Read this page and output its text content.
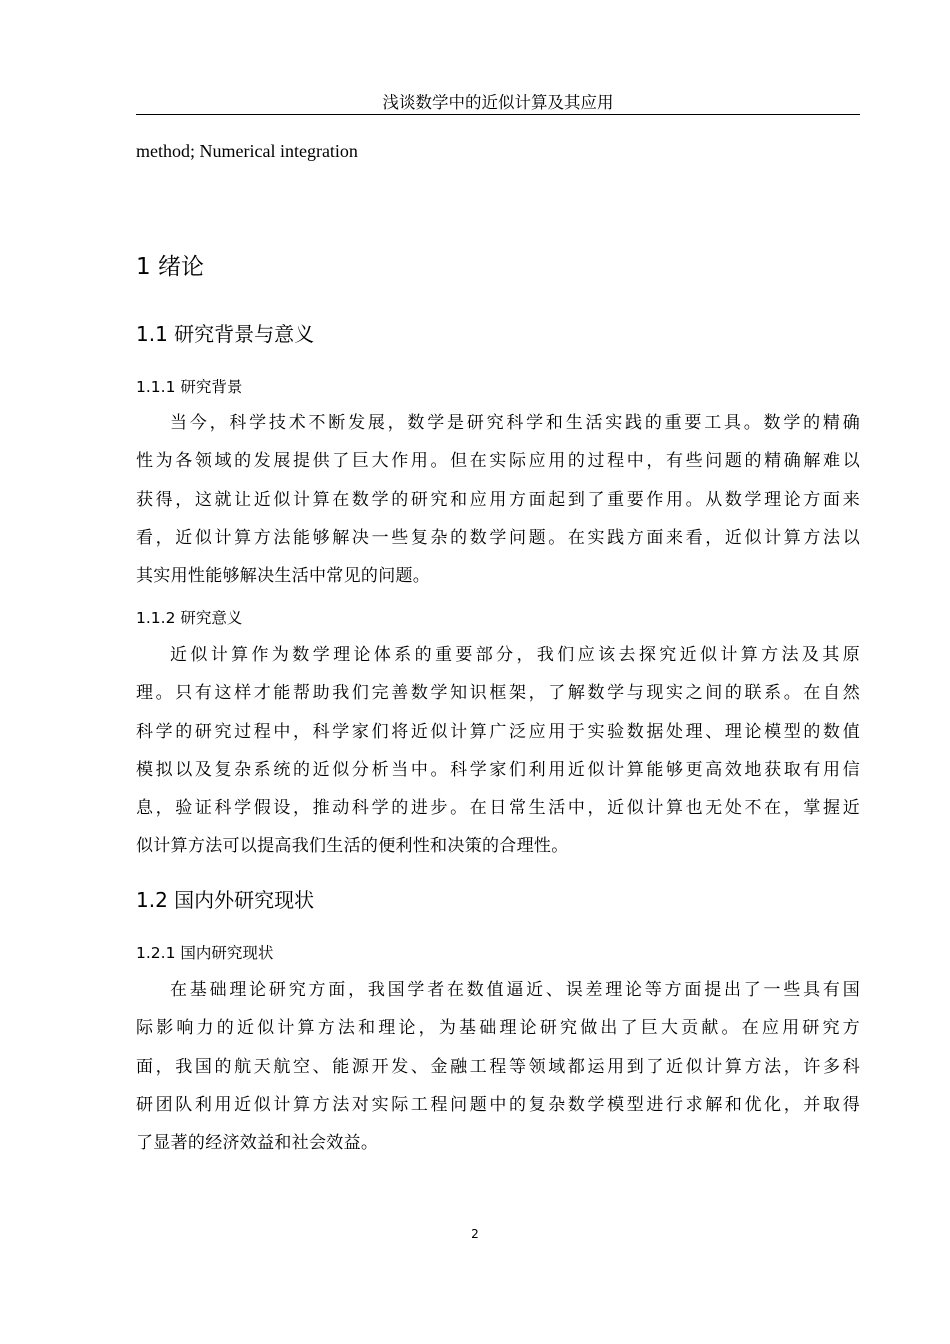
浅谈数学中的近似计算及其应用
method; Numerical integration
1 绪论
1.1 研究背景与意义
1.1.1 研究背景
当今，科学技术不断发展，数学是研究科学和生活实践的重要工具。数学的精确
性为各领域的发展提供了巨大作用。但在实际应用的过程中，有些问题的精确解难以
获得，这就让近似计算在数学的研究和应用方面起到了重要作用。从数学理论方面来
看，近似计算方法能够解决一些复杂的数学问题。在实践方面来看，近似计算方法以
其实用性能够解决生活中常见的问题。
1.1.2 研究意义
近似计算作为数学理论体系的重要部分，我们应该去探究近似计算方法及其原
理。只有这样才能帮助我们完善数学知识框架，了解数学与现实之间的联系。在自然
科学的研究过程中，科学家们将近似计算广泛应用于实验数据处理、理论模型的数值
模拟以及复杂系统的近似分析当中。科学家们利用近似计算能够更高效地获取有用信
息，验证科学假设，推动科学的进步。在日常生活中，近似计算也无处不在，掌握近
似计算方法可以提高我们生活的便利性和决策的合理性。
1.2 国内外研究现状
1.2.1 国内研究现状
在基础理论研究方面，我国学者在数值逼近、误差理论等方面提出了一些具有国
际影响力的近似计算方法和理论，为基础理论研究做出了巨大贡献。在应用研究方
面，我国的航天航空、能源开发、金融工程等领域都运用到了近似计算方法，许多科
研团队利用近似计算方法对实际工程问题中的复杂数学模型进行求解和优化，并取得
了显著的经济效益和社会效益。
2
